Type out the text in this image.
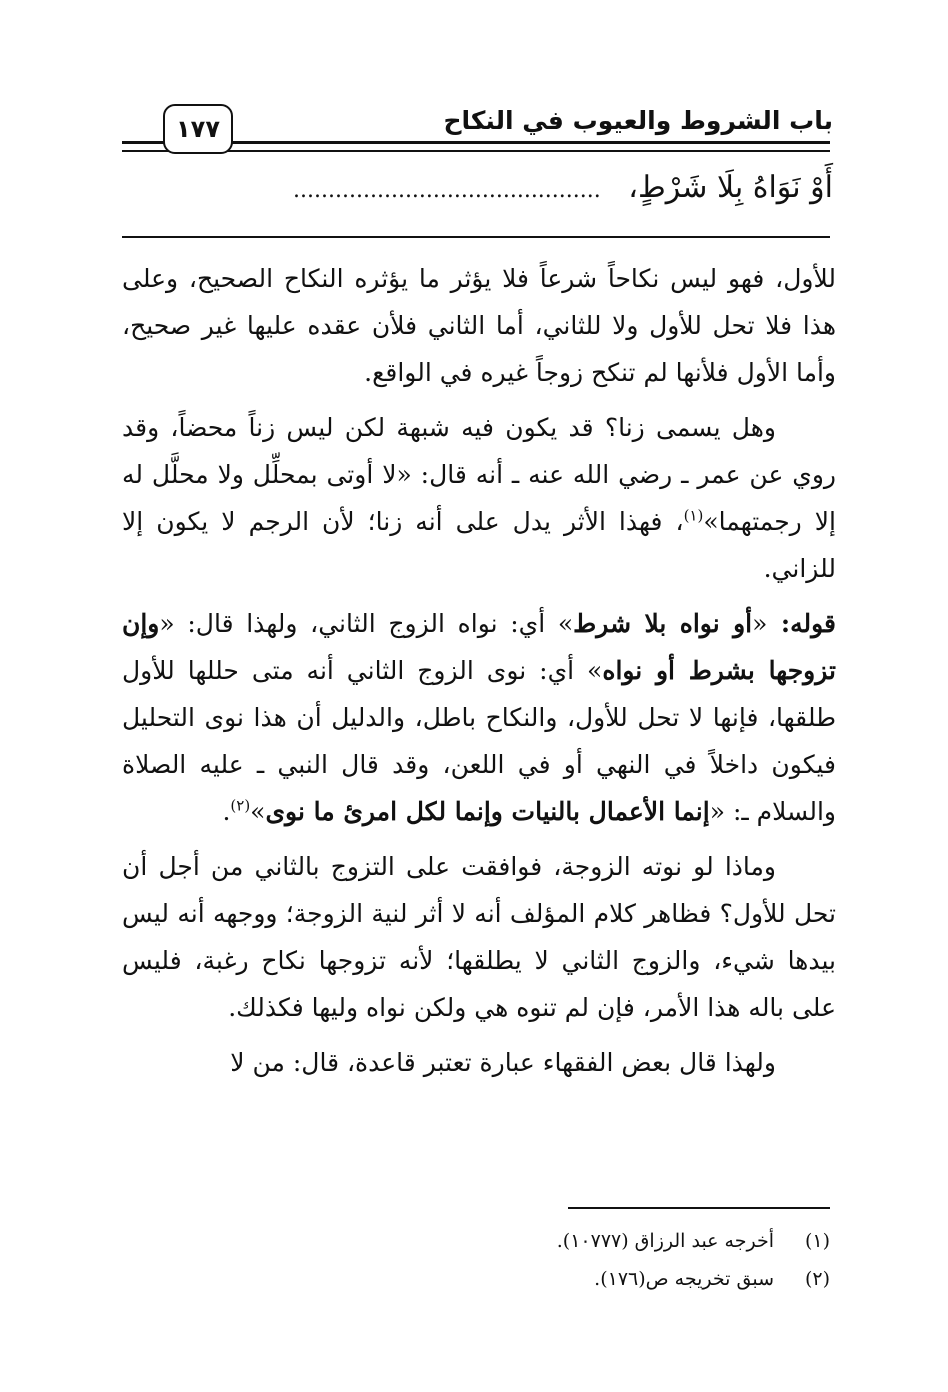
باب الشروط والعيوب في النكاح
١٧٧
أَوْ نَوَاهُ بِلَا شَرْطٍ، ............................................

للأول، فهو ليس نكاحاً شرعاً فلا يؤثر ما يؤثره النكاح الصحيح، وعلى هذا فلا تحل للأول ولا للثاني، أما الثاني فلأن عقده عليها غير صحيح، وأما الأول فلأنها لم تنكح زوجاً غيره في الواقع.

وهل يسمى زنا؟ قد يكون فيه شبهة لكن ليس زناً محضاً، وقد روي عن عمر ـ رضي الله عنه ـ أنه قال: «لا أوتى بمحلِّل ولا محلَّل له إلا رجمتهما»$^{(١)}$، فهذا الأثر يدل على أنه زنا؛ لأن الرجم لا يكون إلا للزاني.

قوله: «أو نواه بلا شرط» أي: نواه الزوج الثاني، ولهذا قال: «وإن تزوجها بشرط أو نواه» أي: نوى الزوج الثاني أنه متى حللها للأول طلقها، فإنها لا تحل للأول، والنكاح باطل، والدليل أن هذا نوى التحليل فيكون داخلاً في النهي أو في اللعن، وقد قال النبي ـ عليه الصلاة والسلام ـ: «إنما الأعمال بالنيات وإنما لكل امرئ ما نوى»$^{(٢)}$.

وماذا لو نوته الزوجة، فوافقت على التزوج بالثاني من أجل أن تحل للأول؟ فظاهر كلام المؤلف أنه لا أثر لنية الزوجة؛ ووجهه أنه ليس بيدها شيء، والزوج الثاني لا يطلقها؛ لأنه تزوجها نكاح رغبة، فليس على باله هذا الأمر، فإن لم تنوه هي ولكن نواه وليها فكذلك.

ولهذا قال بعض الفقهاء عبارة تعتبر قاعدة، قال: من لا

(١)
أخرجه عبد الرزاق (١٠٧٧٧).
(٢)
سبق تخريجه ص(١٧٦).
